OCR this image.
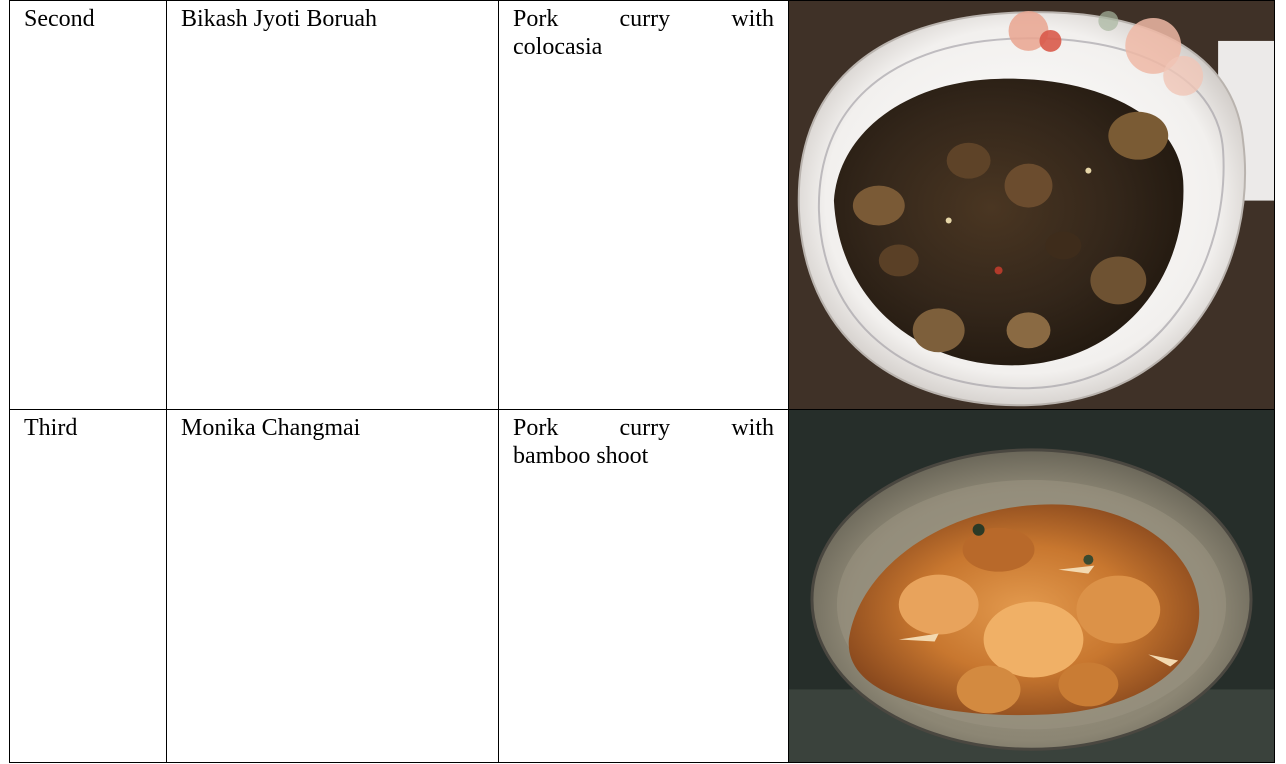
Second	Bikash Jyoti Boruah	Pork curry with
colocasia

Third	Monika Changmai	Pork curry with
bamboo shoot
